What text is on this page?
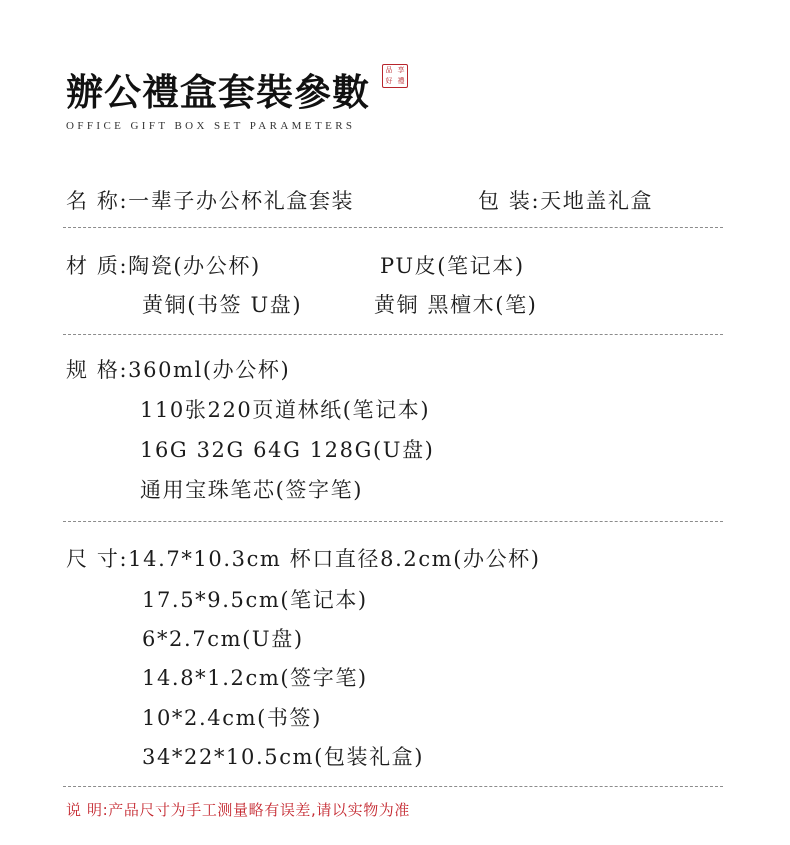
辦公禮盒套裝參數
OFFICE GIFT BOX SET PARAMETERS
品 享
好 禮
名 称:一辈子办公杯礼盒套装	包 装:天地盖礼盒
材 质:陶瓷(办公杯)	PU皮(笔记本)
黄铜(书签 U盘)	黄铜 黑檀木(笔)
规 格:360ml(办公杯)
110张220页道林纸(笔记本)
16G 32G 64G 128G(U盘)
通用宝珠笔芯(签字笔)
尺 寸:14.7*10.3cm 杯口直径8.2cm(办公杯)
17.5*9.5cm(笔记本)
6*2.7cm(U盘)
14.8*1.2cm(签字笔)
10*2.4cm(书签)
34*22*10.5cm(包装礼盒)
说 明:产品尺寸为手工测量略有误差,请以实物为准
